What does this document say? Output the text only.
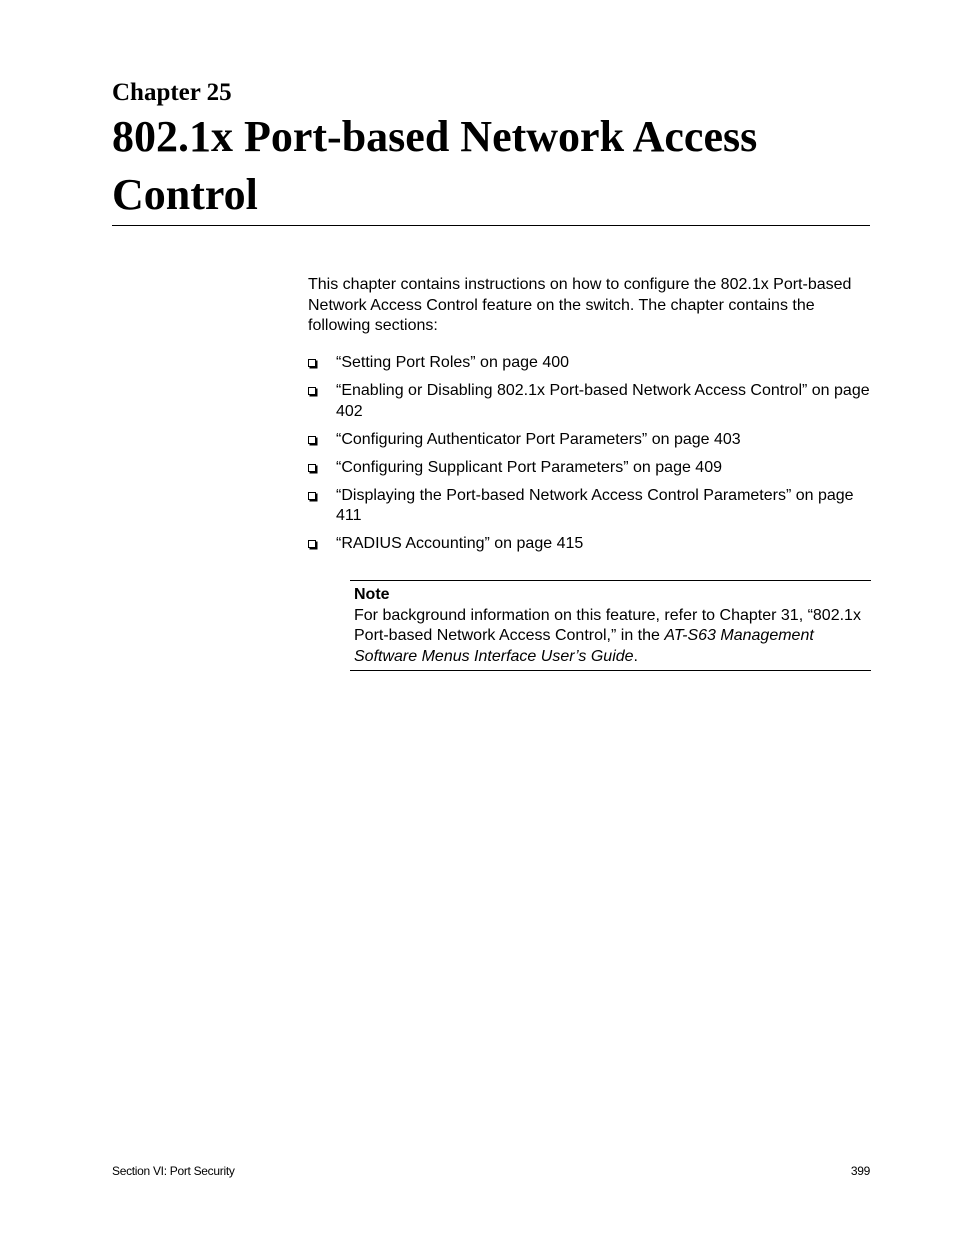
Chapter 25
802.1x Port-based Network Access Control

This chapter contains instructions on how to configure the 802.1x Port-based Network Access Control feature on the switch. The chapter contains the following sections:

“Setting Port Roles” on page 400
“Enabling or Disabling 802.1x Port-based Network Access Control” on page 402
“Configuring Authenticator Port Parameters” on page 403
“Configuring Supplicant Port Parameters” on page 409
“Displaying the Port-based Network Access Control Parameters” on page 411
“RADIUS Accounting” on page 415
Note
For background information on this feature, refer to Chapter 31, “802.1x Port-based Network Access Control,” in the AT-S63 Management Software Menus Interface User’s Guide.
Section VI: Port Security	399
